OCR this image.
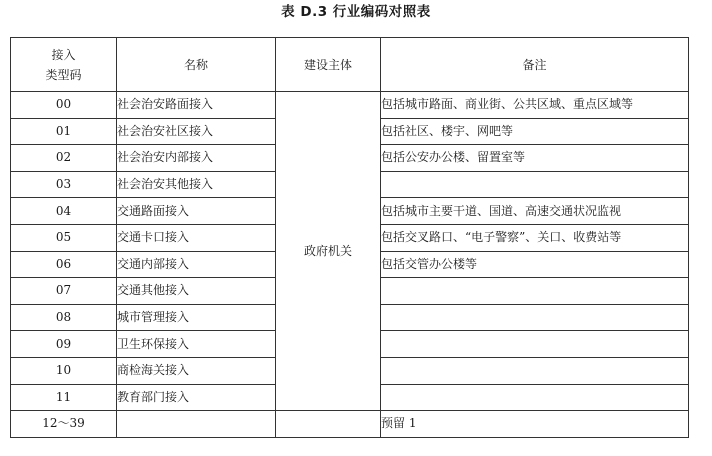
表 D.3 行业编码对照表
接入
类型码	名称	建设主体	备注
00	社会治安路面接入	政府机关	包括城市路面、商业街、公共区域、重点区域等
01	社会治安社区接入		包括社区、楼宇、网吧等
02	社会治安内部接入		包括公安办公楼、留置室等
03	社会治安其他接入		
04	交通路面接入		包括城市主要干道、国道、高速交通状况监视
05	交通卡口接入		包括交叉路口、“电子警察”、关口、收费站等
06	交通内部接入		包括交管办公楼等
07	交通其他接入		
08	城市管理接入		
09	卫生环保接入		
10	商检海关接入		
11	教育部门接入		
12～39			预留 1
